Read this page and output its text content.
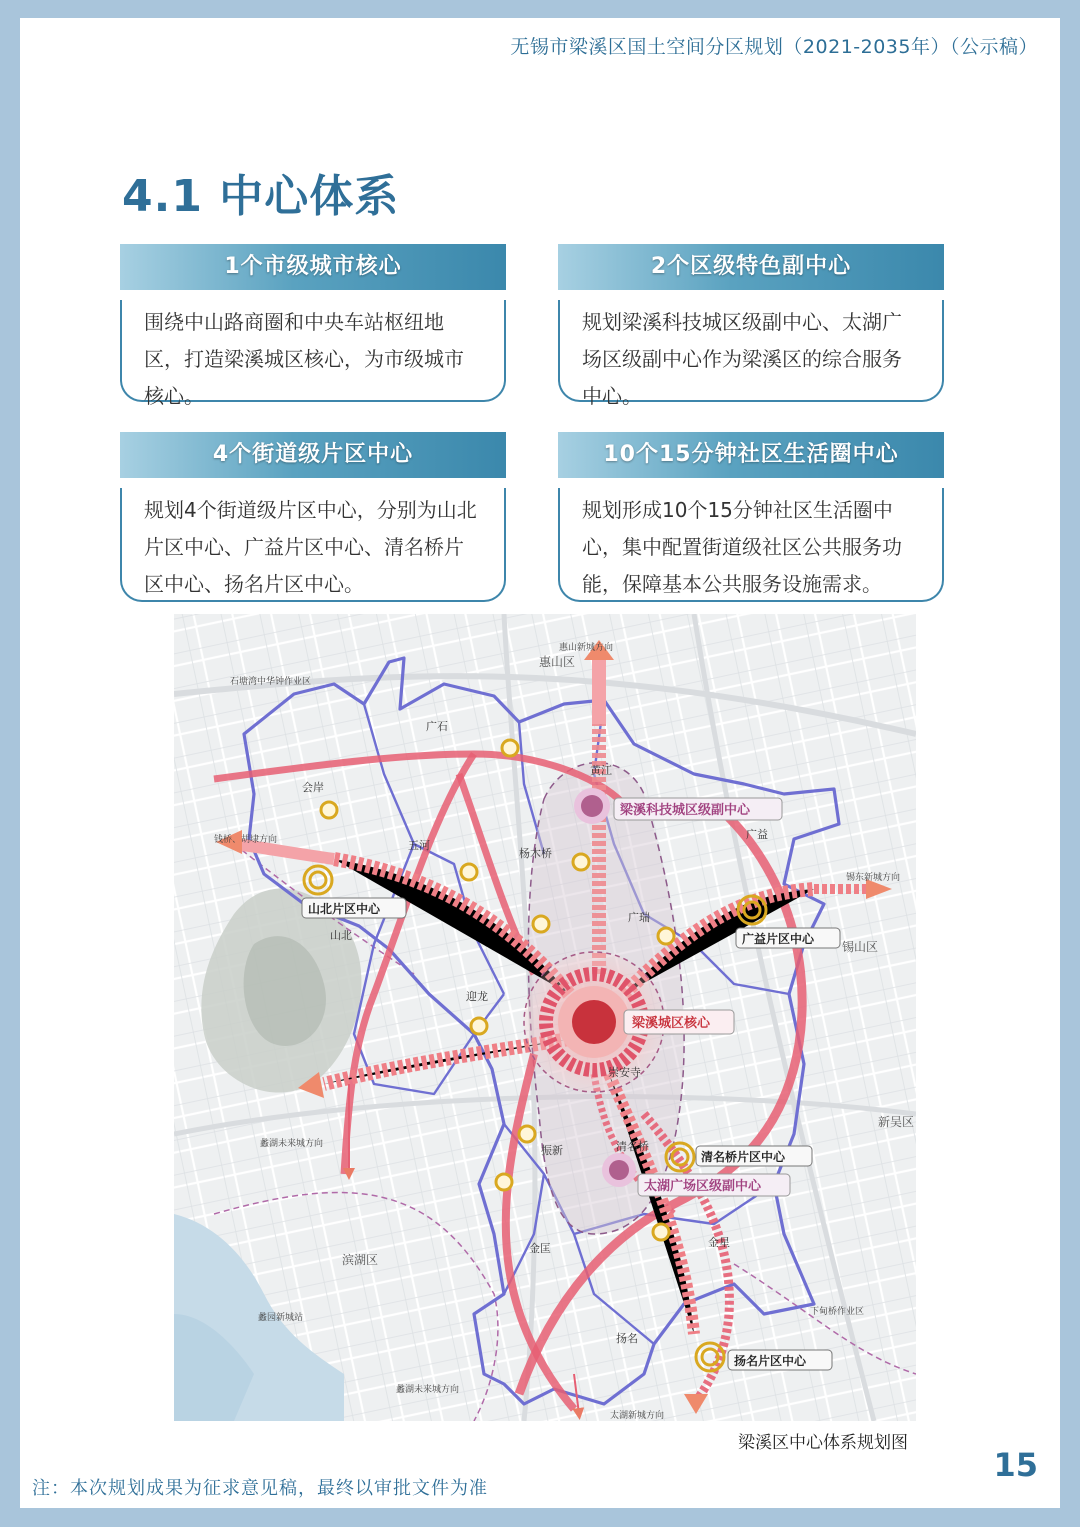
无锡市梁溪区国土空间分区规划（2021-2035年）（公示稿）
4.1 中心体系
1个市级城市核心
围绕中山路商圈和中央车站枢纽地区，打造梁溪城区核心，为市级城市核心。
2个区级特色副中心
规划梁溪科技城区级副中心、太湖广场区级副中心作为梁溪区的综合服务中心。
4个街道级片区中心
规划4个街道级片区中心，分别为山北片区中心、广益片区中心、清名桥片区中心、扬名片区中心。
10个15分钟社区生活圈中心
规划形成10个15分钟社区生活圈中心，集中配置街道级社区公共服务功能，保障基本公共服务设施需求。
广石
会岸
五河
黄江
杨木桥
山北
广瑞
广益
迎龙
崇安寺
振新	清名桥
金星
金匡
扬名
惠山区
锡山区
新吴区
滨湖区
惠山新城方向
钱桥、胡埭方向
锡东新城方向
蠡湖未来城方向
蠡湖未来城方向
太湖新城方向
石塘湾中华钟作业区
下甸桥作业区
蠡园新城站
梁溪城区核心
梁溪科技城区级副中心
太湖广场区级副中心
山北片区中心
广益片区中心
清名桥片区中心
扬名片区中心
梁溪区中心体系规划图
15
注：本次规划成果为征求意见稿，最终以审批文件为准
